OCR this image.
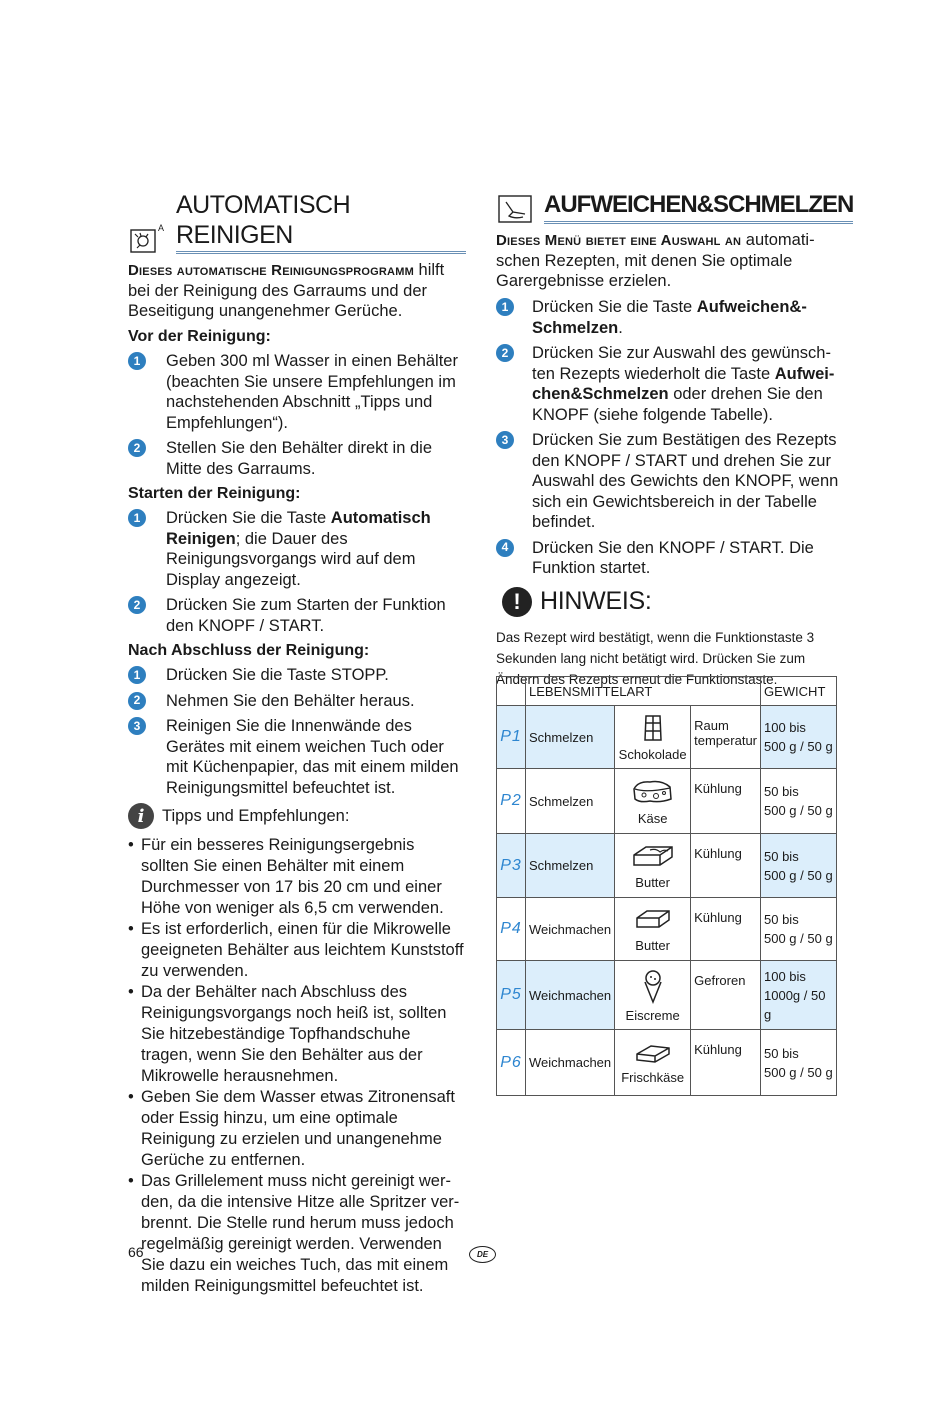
A
AUTOMATISCH REINIGEN

Dieses automatische Reinigungsprogramm hilft bei der Reinigung des Garraums und der Beseitigung unangenehmer Gerüche.

Vor der Reinigung:
1	Geben 300 ml Wasser in einen Behälter (beachten Sie unsere Empfehlungen im nachstehenden Abschnitt „Tipps und Empfehlungen“).
2	Stellen Sie den Behälter direkt in die Mitte des Garraums.
Starten der Reinigung:
1	Drücken Sie die Taste Automatisch Reinigen; die Dauer des Reinigungsvorgangs wird auf dem Display angezeigt.
2	Drücken Sie zum Starten der Funktion den KNOPF / START.
Nach Abschluss der Reinigung:
1	Drücken Sie die Taste STOPP.
2	Nehmen Sie den Behälter heraus.
3	Reinigen Sie die Innenwände des Gerätes mit einem weichen Tuch oder mit Küchenpapier, das mit einem milden Reinigungsmittel befeuchtet ist.
i	Tipps und Empfehlungen:
• Für ein besseres Reinigungsergebnis sollten Sie einen Behälter mit einem Durchmesser von 17 bis 20 cm und einer Höhe von weniger als 6,5 cm verwenden.
• Es ist erforderlich, einen für die Mikrowelle geeigneten Behälter aus leichtem Kunststoff zu verwenden.
• Da der Behälter nach Abschluss des Reinigungsvorgangs noch heiß ist, sollten Sie hitzebeständige Topfhandschuhe tragen, wenn Sie den Behälter aus der Mikrowelle herausnehmen.
• Geben Sie dem Wasser etwas Zitronensaft oder Essig hinzu, um eine optimale Reinigung zu erzielen und unangenehme Gerüche zu entfernen.
• Das Grillelement muss nicht gereinigt werden, da die intensive Hitze alle Spritzer verbrennt. Die Stelle rund herum muss jedoch regelmäßig gereinigt werden. Verwenden Sie dazu ein weiches Tuch, das mit einem milden Reinigungsmittel befeuchtet ist.
AUFWEICHEN&SCHMELZEN

Dieses Menü bietet eine Auswahl an automatischen Rezepten, mit denen Sie optimale Garergebnisse erzielen.

1	Drücken Sie die Taste Aufweichen&Schmelzen.
2	Drücken Sie zur Auswahl des gewünschten Rezepts wiederholt die Taste Aufweichen&Schmelzen oder drehen Sie den KNOPF (siehe folgende Tabelle).
3	Drücken Sie zum Bestätigen des Rezepts den KNOPF / START und drehen Sie zur Auswahl des Gewichts den KNOPF, wenn sich ein Gewichtsbereich in der Tabelle befindet.
4	Drücken Sie den KNOPF / START. Die Funktion startet.
! HINWEIS:

Das Rezept wird bestätigt, wenn die Funktionstaste 3 Sekunden lang nicht betätigt wird. Drücken Sie zum Ändern des Rezepts erneut die Funktionstaste.

	LEBENSMITTELART			GEWICHT
P1	Schmelzen	Schokolade	Raum temperatur	100 bis
500 g / 50 g
P2	Schmelzen	Käse	Kühlung	50 bis
500 g / 50 g
P3	Schmelzen	Butter	Kühlung	50 bis
500 g / 50 g
P4	Weichmachen	Butter	Kühlung	50 bis
500 g / 50 g
P5	Weichmachen	Eiscreme	Gefroren	100 bis
1000g / 50 g
P6	Weichmachen	Frischkäse	Kühlung	50 bis
500 g / 50 g
66	DE
